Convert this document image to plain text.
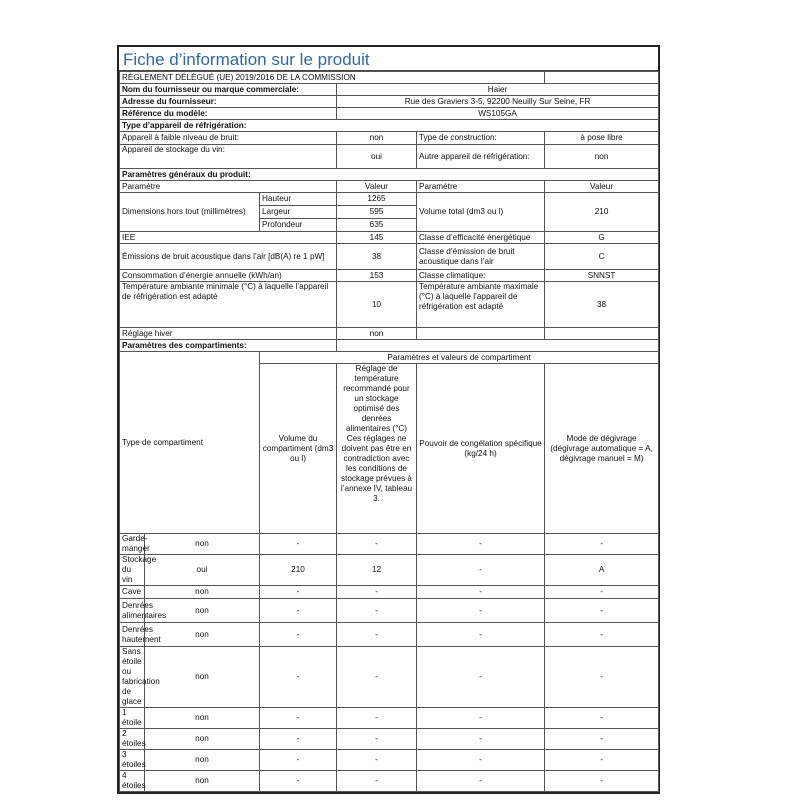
Fiche d’information sur le produit
RÈGLEMENT DÉLÉGUÉ (UE) 2019/2016 DE LA COMMISSION					
Nom du fournisseur ou marque commerciale:			Haier		
Adresse du fournisseur:			Rue des Graviers 3-5, 92200 Neuilly Sur Seine, FR		
Référence du modèle:			WS105GA		
Type d’appareil de réfrigération:					
Appareil à faible niveau de bruit:			non	Type de construction:	à pose libre
Appareil de stockage du vin:			oui	Autre appareil de réfrigération:	non
Paramètres généraux du produit:					
Paramètre			Valeur	Paramètre	Valeur
Dimensions hors tout (millimètres)		Hauteur	1265	Volume total (dm3 ou l)	210
		Largeur	595		
		Profondeur	635		
IEE			145	Classe d’efficacité énergétique	G
Émissions de bruit acoustique dans l’air [dB(A) re 1 pW]			38	Classe d’émission de bruit acoustique dans l’air	C
Consommation d’énergie annuelle (kWh/an)			153	Classe climatique:	SNNST
Température ambiante minimale (°C) à laquelle l’appareil de réfrigération est adapté			10	Température ambiante maximale (°C) à laquelle l’appareil de réfrigération est adapté	38
Réglage hiver			non		
Paramètres des compartiments:					
Type de compartiment		Paramètres et valeurs de compartiment			
		Volume du compartiment (dm3 ou l)	Réglage de température recommandé pour un stockage optimisé des denrées alimentaires (°C) Ces réglages ne doivent pas être en contradiction avec les conditions de stockage prévues à l’annexe IV, tableau 3.	Pouvoir de congélation spécifique (kg/24 h)	Mode de dégivrage (dégivrage automatique = A, dégivrage manuel = M)
Garde-manger	non	-	-	-	-
Stockage du vin	oui	210	12	-	A
Cave	non	-	-	-	-
Denrées alimentaires	non	-	-	-	-
Denrées hautement	non	-	-	-	-
Sans étoile ou fabrication de glace	non	-	-	-	-
1 étoile	non	-	-	-	-
2 étoiles	non	-	-	-	-
3 étoiles	non	-	-	-	-
4 étoiles	non	-	-	-	-
